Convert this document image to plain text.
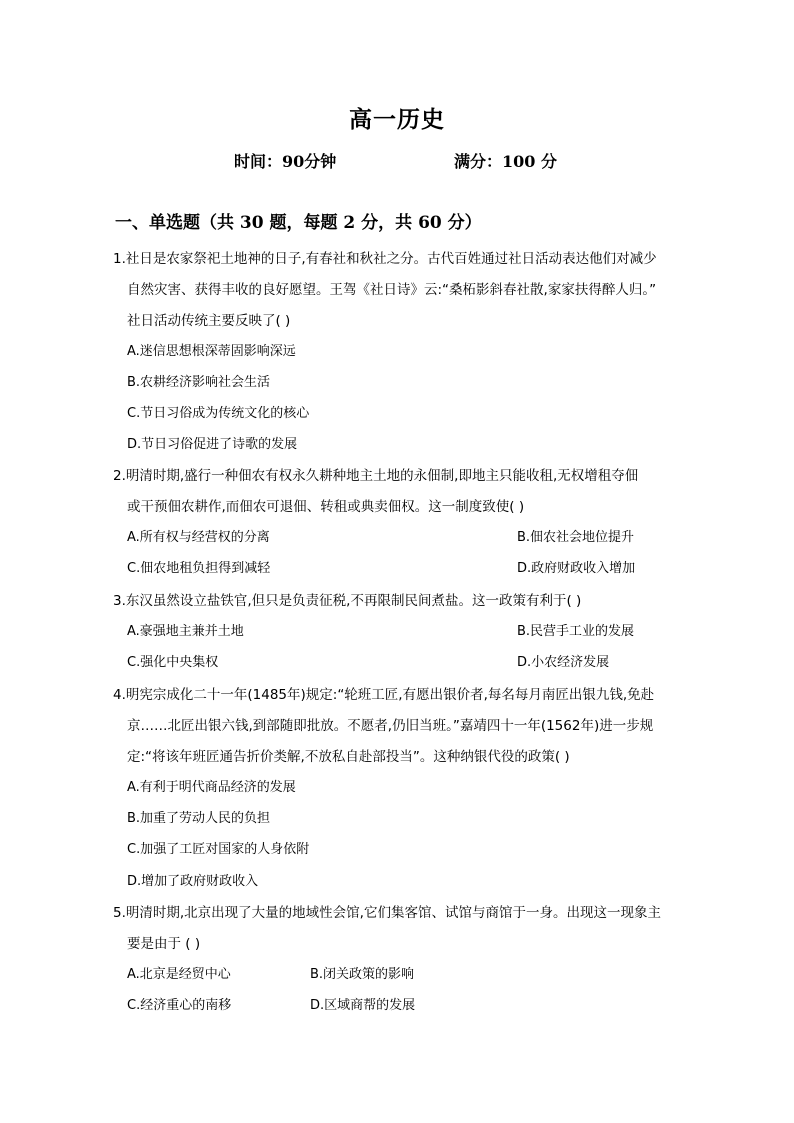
高一历史
时间：90分钟	满分：100 分
一、单选题（共 30 题，每题 2 分，共 60 分）
1.社日是农家祭祀土地神的日子,有春社和秋社之分。古代百姓通过社日活动表达他们对减少
自然灾害、获得丰收的良好愿望。王驾《社日诗》云:“桑柘影斜春社散,家家扶得醉人归。”
社日活动传统主要反映了( )
A.迷信思想根深蒂固影响深远
B.农耕经济影响社会生活
C.节日习俗成为传统文化的核心
D.节日习俗促进了诗歌的发展
2.明清时期,盛行一种佃农有权永久耕种地主土地的永佃制,即地主只能收租,无权增租夺佃
或干预佃农耕作,而佃农可退佃、转租或典卖佃权。这一制度致使( )
A.所有权与经营权的分离	B.佃农社会地位提升
C.佃农地租负担得到减轻	D.政府财政收入增加
3.东汉虽然设立盐铁官,但只是负责征税,不再限制民间煮盐。这一政策有利于( )
A.豪强地主兼并土地	B.民营手工业的发展
C.强化中央集权	D.小农经济发展
4.明宪宗成化二十一年(1485年)规定:“轮班工匠,有愿出银价者,每名每月南匠出银九钱,免赴
京……北匠出银六钱,到部随即批放。不愿者,仍旧当班。”嘉靖四十一年(1562年)进一步规
定:“将该年班匠通告折价类解,不放私自赴部投当”。这种纳银代役的政策( )
A.有利于明代商品经济的发展
B.加重了劳动人民的负担
C.加强了工匠对国家的人身依附
D.增加了政府财政收入
5.明清时期,北京出现了大量的地域性会馆,它们集客馆、试馆与商馆于一身。出现这一现象主
要是由于 ( )
A.北京是经贸中心	B.闭关政策的影响
C.经济重心的南移	D.区域商帮的发展
